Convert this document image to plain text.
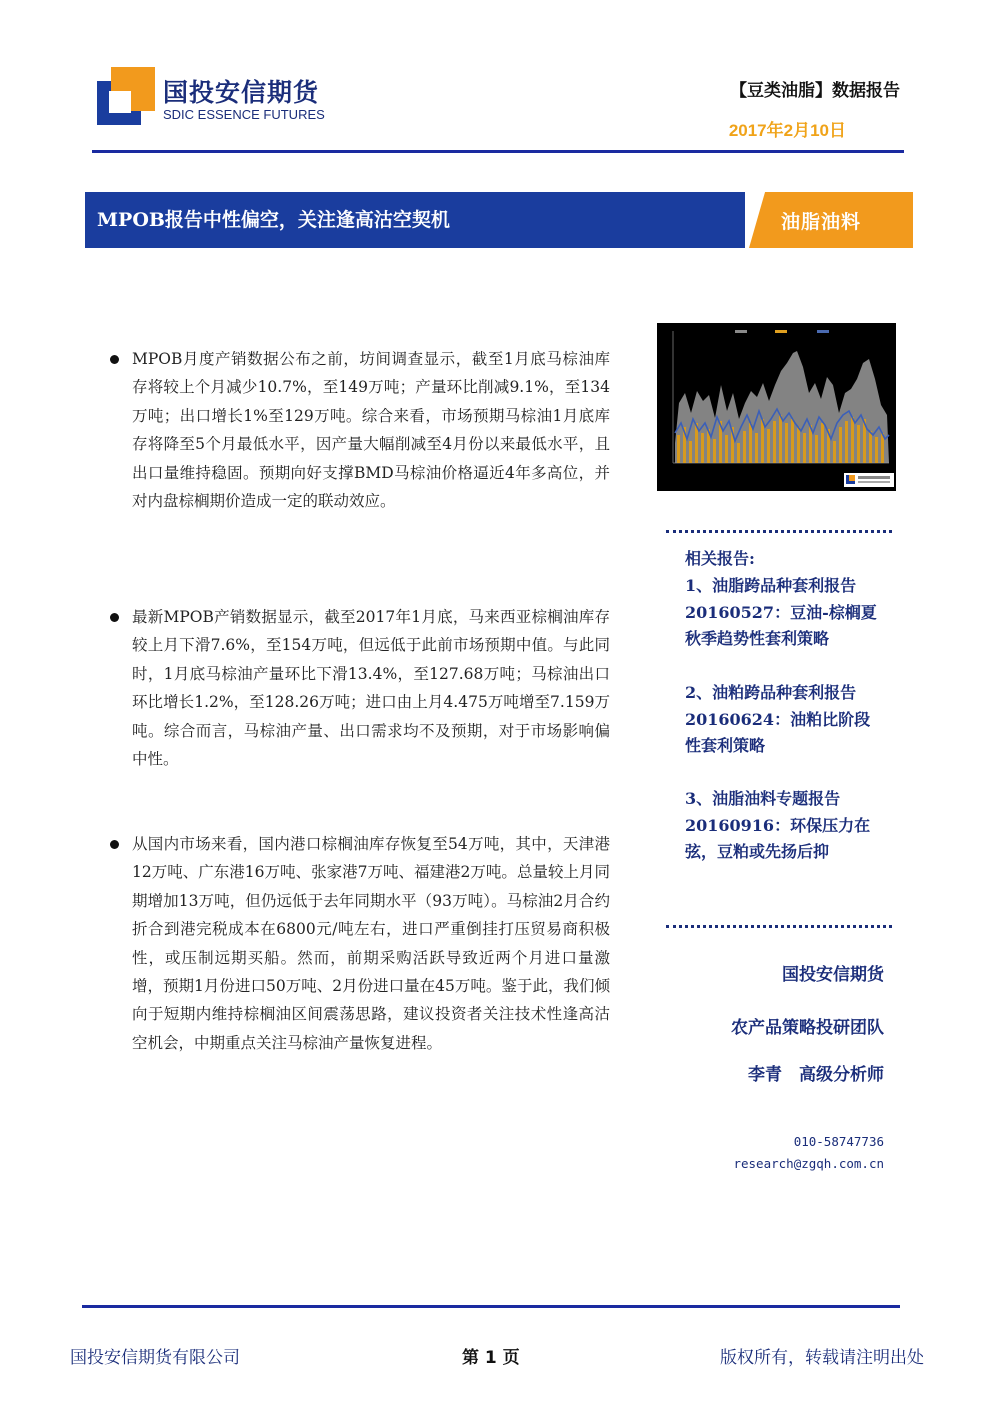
国投安信期货
SDIC ESSENCE FUTURES
【豆类油脂】数据报告
2017年2月10日
MPOB报告中性偏空，关注逢高沽空契机	油脂油料
MPOB月度产销数据公布之前，坊间调查显示，截至1月底马棕油库存将较上个月减少10.7%，至149万吨；产量环比削减9.1%，至134万吨；出口增长1%至129万吨。综合来看，市场预期马棕油1月底库存将降至5个月最低水平，因产量大幅削减至4月份以来最低水平，且出口量维持稳固。预期向好支撑BMD马棕油价格逼近4年多高位，并对内盘棕榈期价造成一定的联动效应。
最新MPOB产销数据显示，截至2017年1月底，马来西亚棕榈油库存较上月下滑7.6%，至154万吨，但远低于此前市场预期中值。与此同时，1月底马棕油产量环比下滑13.4%，至127.68万吨；马棕油出口环比增长1.2%，至128.26万吨；进口由上月4.475万吨增至7.159万吨。综合而言，马棕油产量、出口需求均不及预期，对于市场影响偏中性。
从国内市场来看，国内港口棕榈油库存恢复至54万吨，其中，天津港12万吨、广东港16万吨、张家港7万吨、福建港2万吨。总量较上月同期增加13万吨，但仍远低于去年同期水平（93万吨）。马棕油2月合约折合到港完税成本在6800元/吨左右，进口严重倒挂打压贸易商积极性，或压制远期买船。然而，前期采购活跃导致近两个月进口量激增，预期1月份进口50万吨、2月份进口量在45万吨。鉴于此，我们倾向于短期内维持棕榈油区间震荡思路，建议投资者关注技术性逢高沽空机会，中期重点关注马棕油产量恢复进程。
相关报告:
1、油脂跨品种套利报告
20160527：豆油-棕榈夏
秋季趋势性套利策略
2、油粕跨品种套利报告
20160624：油粕比阶段
性套利策略
3、油脂油料专题报告
20160916：环保压力在
弦，豆粕或先扬后抑
国投安信期货
农产品策略投研团队
李青　高级分析师
010-58747736
research@zgqh.com.cn
国投安信期货有限公司	第 1 页	版权所有，转载请注明出处
